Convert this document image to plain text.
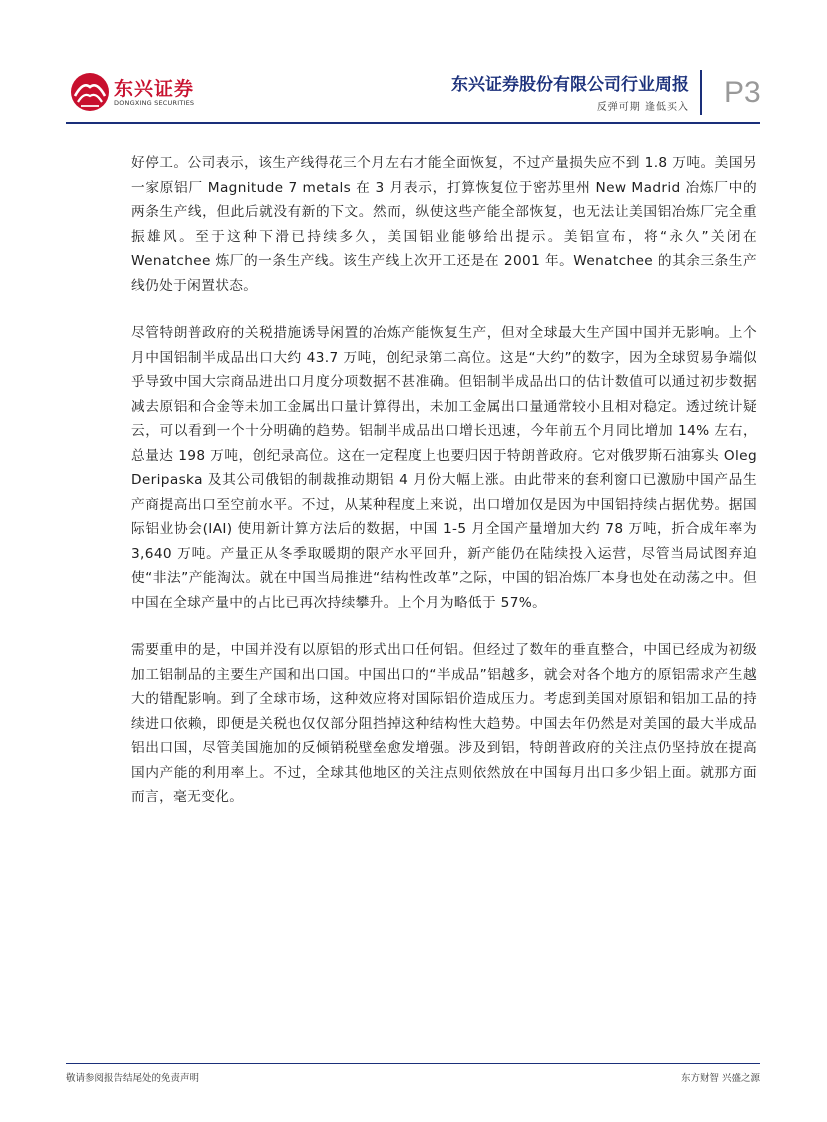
东兴证券
DONGXING SECURITIES
东兴证券股份有限公司行业周报
反弹可期 逢低买入 P3

好停工。公司表示，该生产线得花三个月左右才能全面恢复，不过产量损失应不到 1.8 万吨。美国另一家原铝厂 Magnitude 7 metals 在 3 月表示，打算恢复位于密苏里州 New Madrid 冶炼厂中的两条生产线，但此后就没有新的下文。然而，纵使这些产能全部恢复，也无法让美国铝冶炼厂完全重振雄风。至于这种下滑已持续多久，美国铝业能够给出提示。美铝宣布，将“永久”关闭在 Wenatchee 炼厂的一条生产线。该生产线上次开工还是在 2001 年。Wenatchee 的其余三条生产线仍处于闲置状态。

尽管特朗普政府的关税措施诱导闲置的冶炼产能恢复生产，但对全球最大生产国中国并无影响。上个月中国铝制半成品出口大约 43.7 万吨，创纪录第二高位。这是“大约”的数字，因为全球贸易争端似乎导致中国大宗商品进出口月度分项数据不甚准确。但铝制半成品出口的估计数值可以通过初步数据减去原铝和合金等未加工金属出口量计算得出，未加工金属出口量通常较小且相对稳定。透过统计疑云，可以看到一个十分明确的趋势。铝制半成品出口增长迅速，今年前五个月同比增加 14% 左右，总量达 198 万吨，创纪录高位。这在一定程度上也要归因于特朗普政府。它对俄罗斯石油寡头 Oleg Deripaska 及其公司俄铝的制裁推动期铝 4 月份大幅上涨。由此带来的套利窗口已激励中国产品生产商提高出口至空前水平。不过，从某种程度上来说，出口增加仅是因为中国铝持续占据优势。据国际铝业协会(IAI) 使用新计算方法后的数据，中国 1-5 月全国产量增加大约 78 万吨，折合成年率为 3,640 万吨。产量正从冬季取暖期的限产水平回升，新产能仍在陆续投入运营，尽管当局试图弃迫使“非法”产能淘汰。就在中国当局推进“结构性改革”之际，中国的铝冶炼厂本身也处在动荡之中。但中国在全球产量中的占比已再次持续攀升。上个月为略低于 57%。

需要重申的是，中国并没有以原铝的形式出口任何铝。但经过了数年的垂直整合，中国已经成为初级加工铝制品的主要生产国和出口国。中国出口的“半成品”铝越多，就会对各个地方的原铝需求产生越大的错配影响。到了全球市场，这种效应将对国际铝价造成压力。考虑到美国对原铝和铝加工品的持续进口依赖，即便是关税也仅仅部分阻挡掉这种结构性大趋势。中国去年仍然是对美国的最大半成品铝出口国，尽管美国施加的反倾销税壁垒愈发增强。涉及到铝，特朗普政府的关注点仍坚持放在提高国内产能的利用率上。不过，全球其他地区的关注点则依然放在中国每月出口多少铝上面。就那方面而言，毫无变化。

敬请参阅报告结尾处的免责声明	东方财智 兴盛之源
